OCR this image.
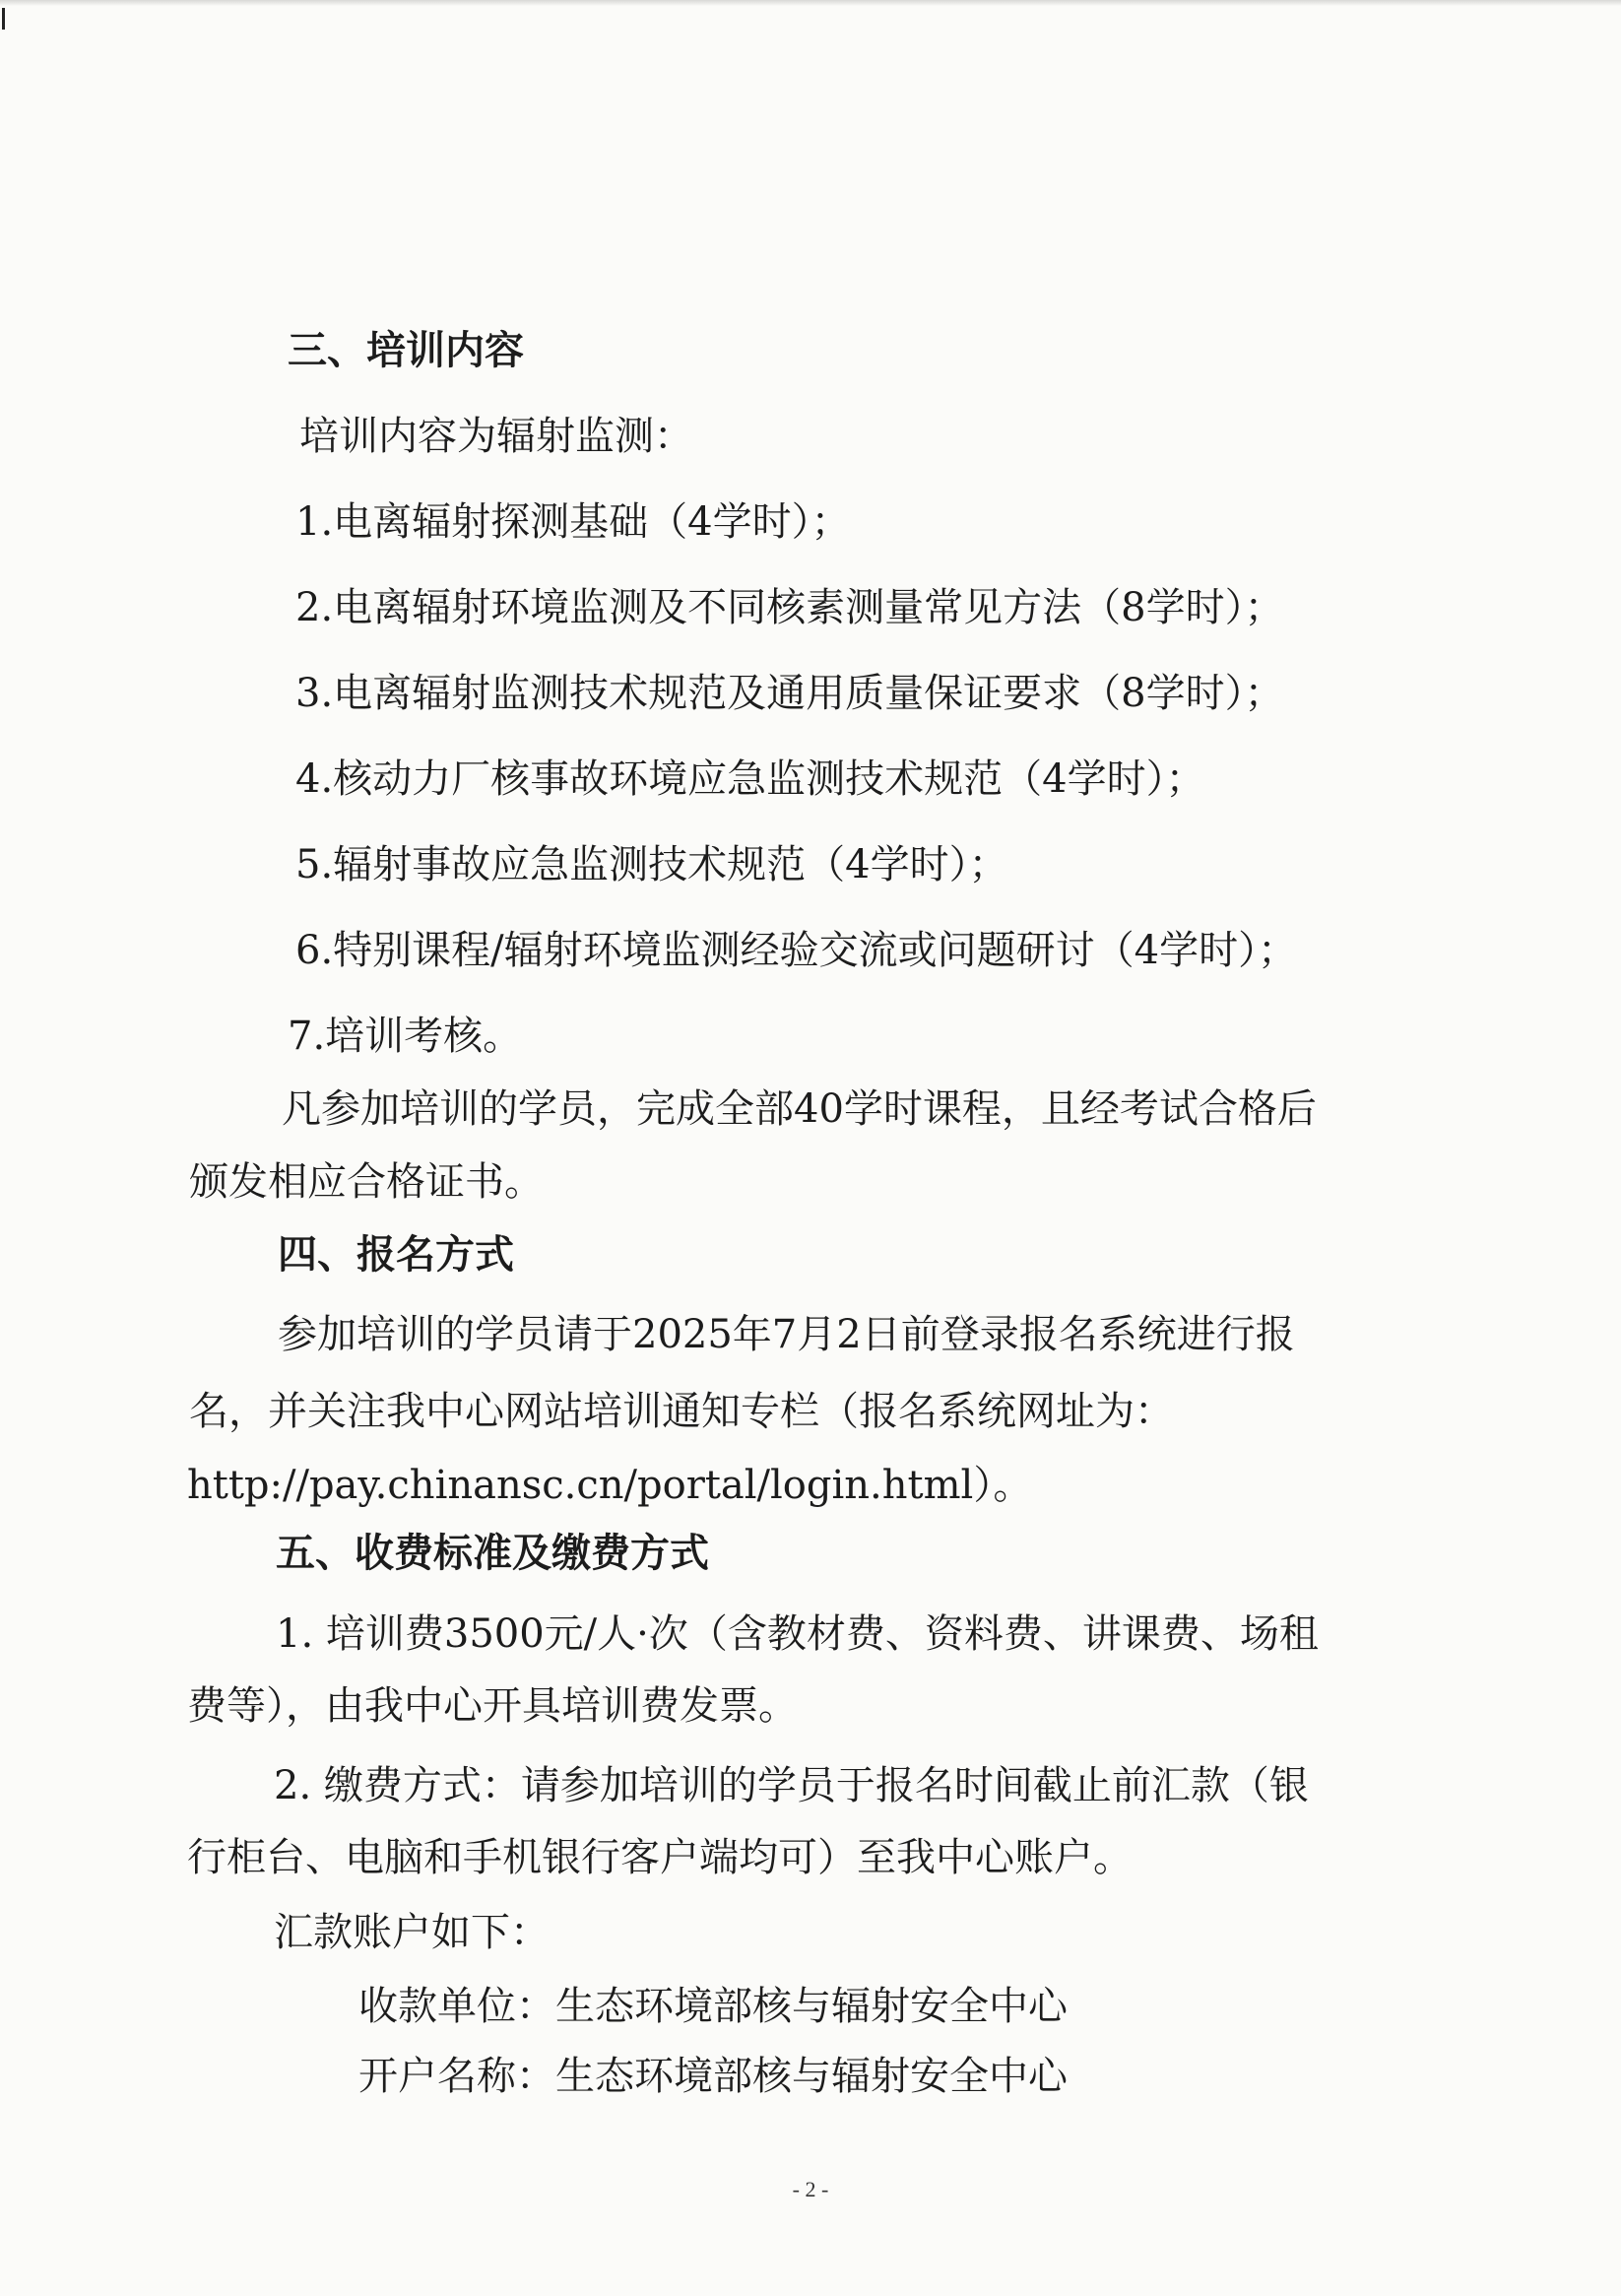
三、培训内容
培训内容为辐射监测：
1.电离辐射探测基础（4学时）；
2.电离辐射环境监测及不同核素测量常见方法（8学时）；
3.电离辐射监测技术规范及通用质量保证要求（8学时）；
4.核动力厂核事故环境应急监测技术规范（4学时）；
5.辐射事故应急监测技术规范（4学时）；
6.特别课程/辐射环境监测经验交流或问题研讨（4学时）；
7.培训考核。
凡参加培训的学员，完成全部40学时课程，且经考试合格后
颁发相应合格证书。
四、报名方式
参加培训的学员请于2025年7月2日前登录报名系统进行报
名，并关注我中心网站培训通知专栏（报名系统网址为：
http://pay.chinansc.cn/portal/login.html）。
五、收费标准及缴费方式
1. 培训费3500元/人·次（含教材费、资料费、讲课费、场租
费等），由我中心开具培训费发票。
2. 缴费方式：请参加培训的学员于报名时间截止前汇款（银
行柜台、电脑和手机银行客户端均可）至我中心账户。
汇款账户如下：
收款单位：生态环境部核与辐射安全中心
开户名称：生态环境部核与辐射安全中心
- 2 -
